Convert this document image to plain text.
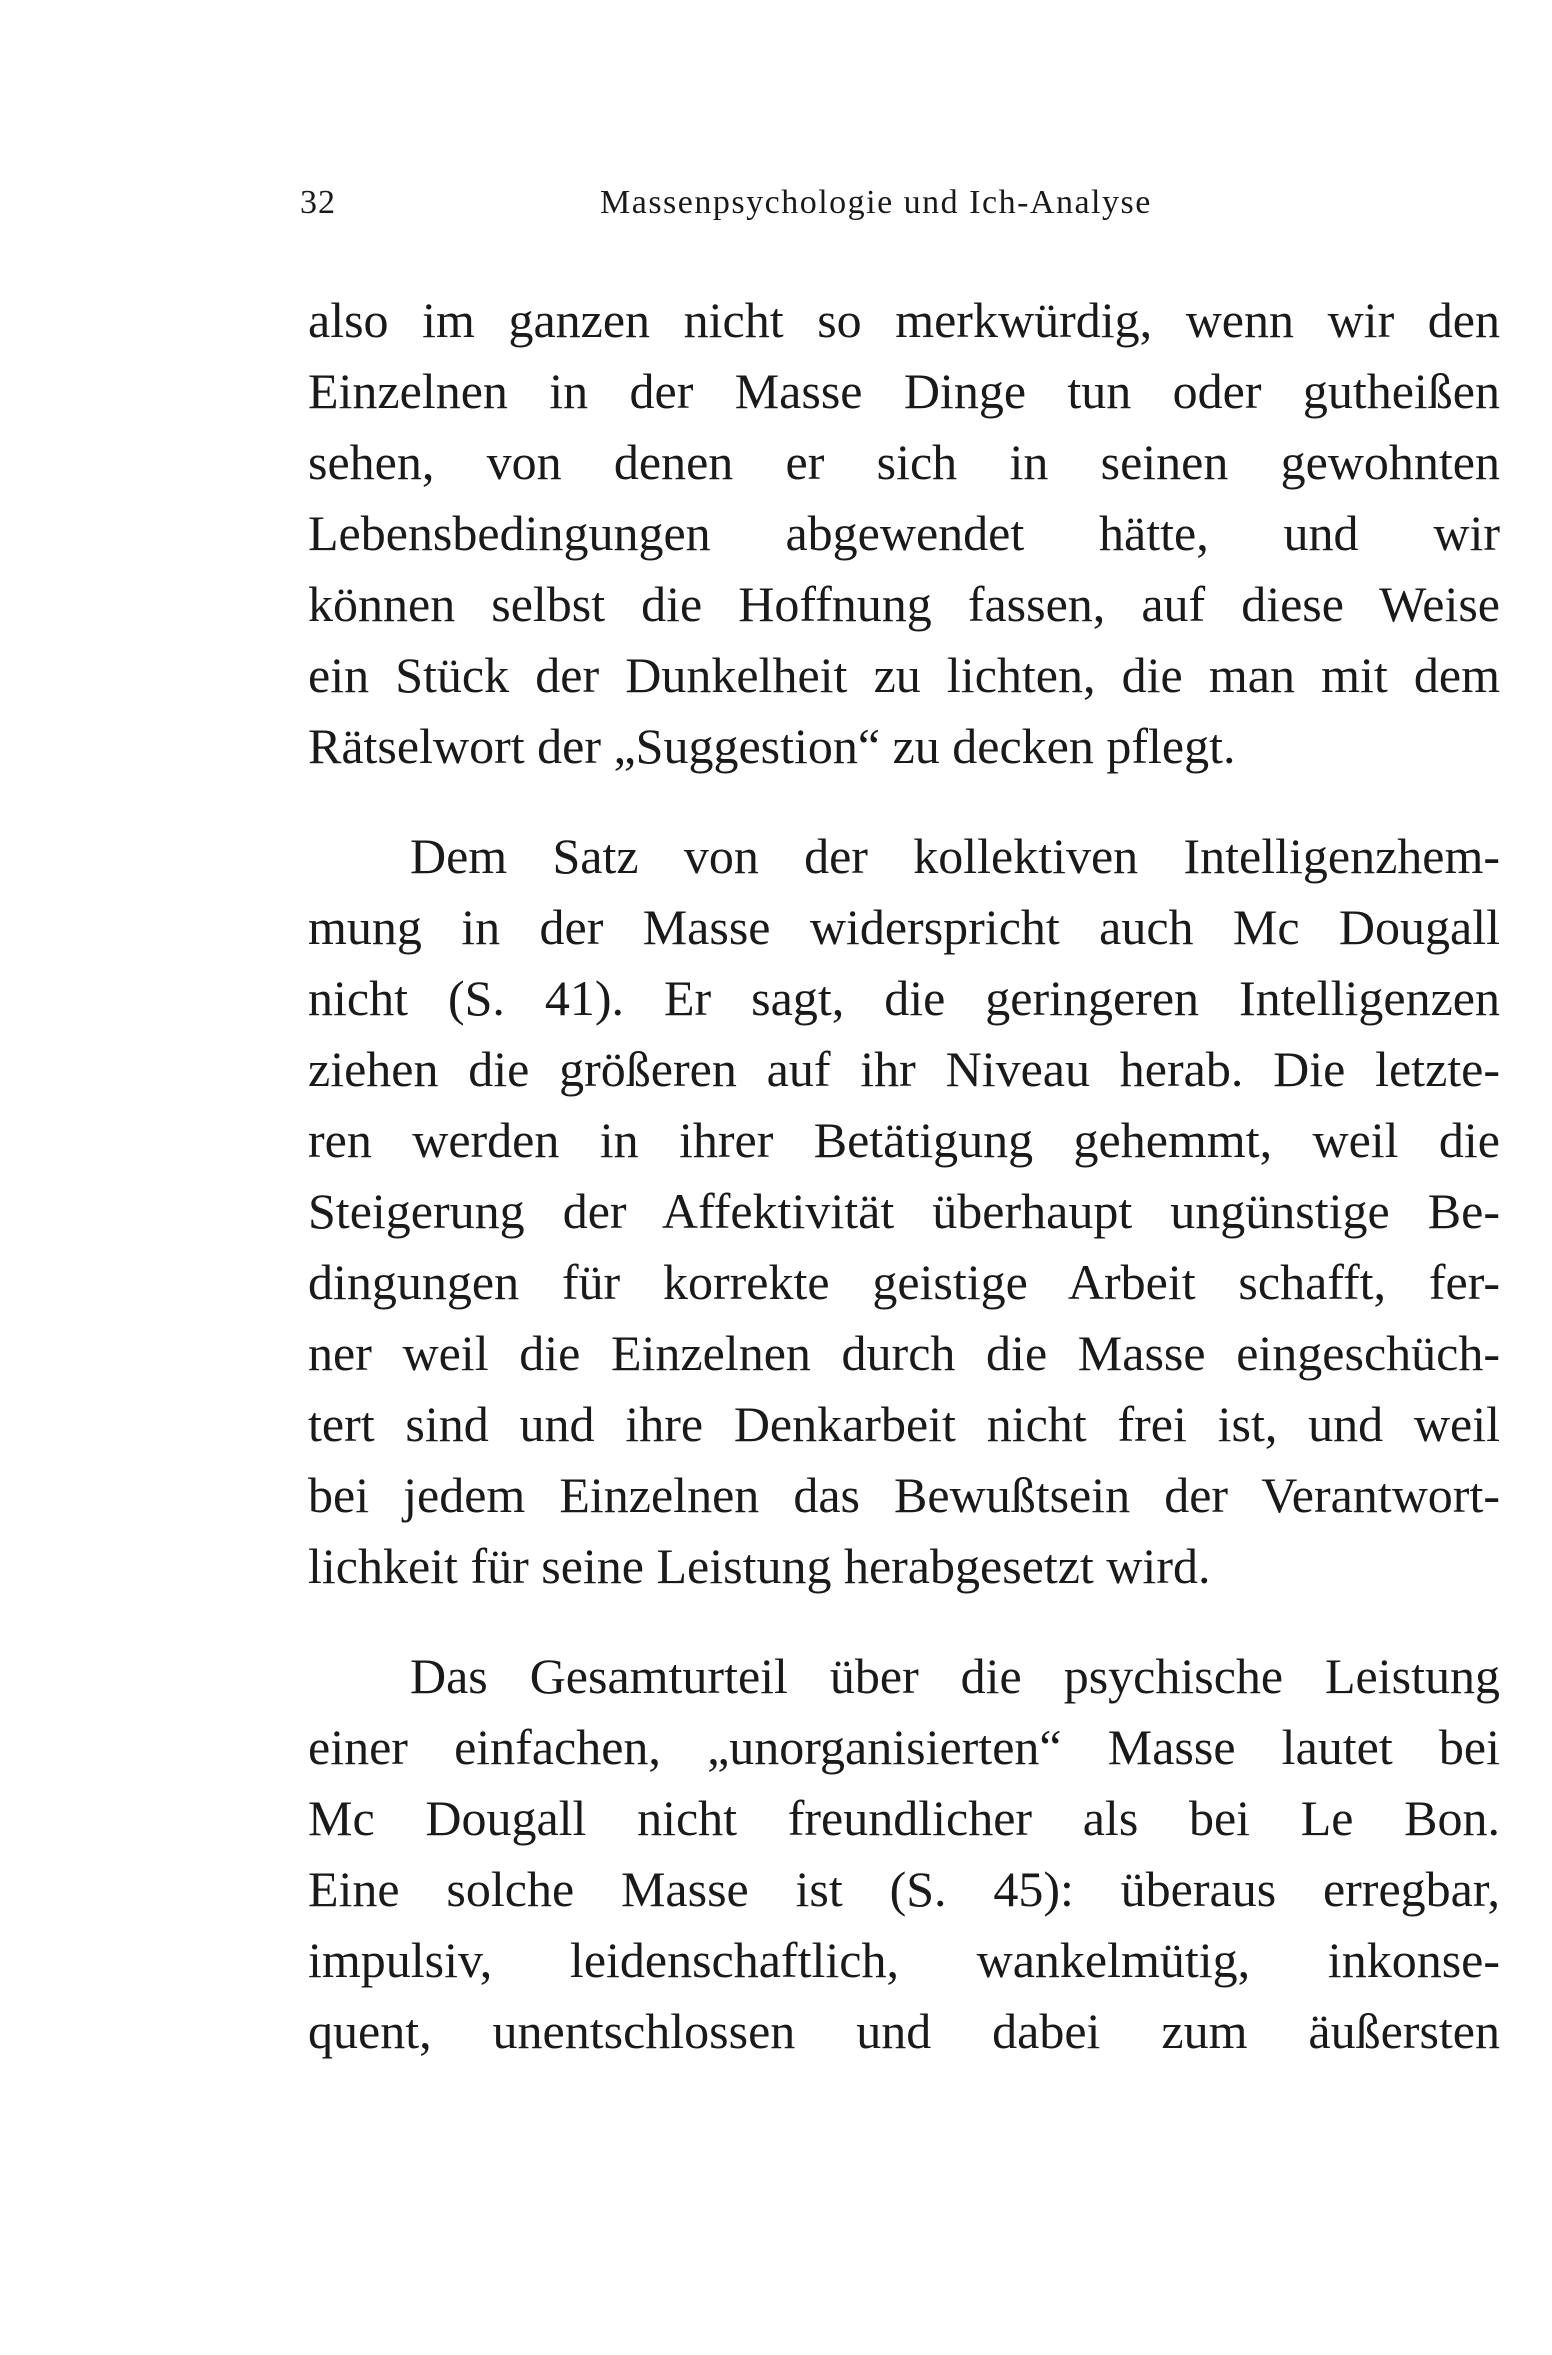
32	Massenpsychologie und Ich-Analyse
also im ganzen nicht so merkwürdig, wenn wir den
Einzelnen in der Masse Dinge tun oder gutheißen
sehen, von denen er sich in seinen gewohnten
Lebensbedingungen abgewendet hätte, und wir
können selbst die Hoffnung fassen, auf diese Weise
ein Stück der Dunkelheit zu lichten, die man mit dem
Rätselwort der „Suggestion“ zu decken pflegt.
Dem Satz von der kollektiven Intelligenzhem-
mung in der Masse widerspricht auch Mc Dougall
nicht (S. 41). Er sagt, die geringeren Intelligenzen
ziehen die größeren auf ihr Niveau herab. Die letzte-
ren werden in ihrer Betätigung gehemmt, weil die
Steigerung der Affektivität überhaupt ungünstige Be-
dingungen für korrekte geistige Arbeit schafft, fer-
ner weil die Einzelnen durch die Masse eingeschüch-
tert sind und ihre Denkarbeit nicht frei ist, und weil
bei jedem Einzelnen das Bewußtsein der Verantwort-
lichkeit für seine Leistung herabgesetzt wird.
Das Gesamturteil über die psychische Leistung
einer einfachen, „unorganisierten“ Masse lautet bei
Mc Dougall nicht freundlicher als bei Le Bon.
Eine solche Masse ist (S. 45): überaus erregbar,
impulsiv, leidenschaftlich, wankelmütig, inkonse-
quent, unentschlossen und dabei zum äußersten
